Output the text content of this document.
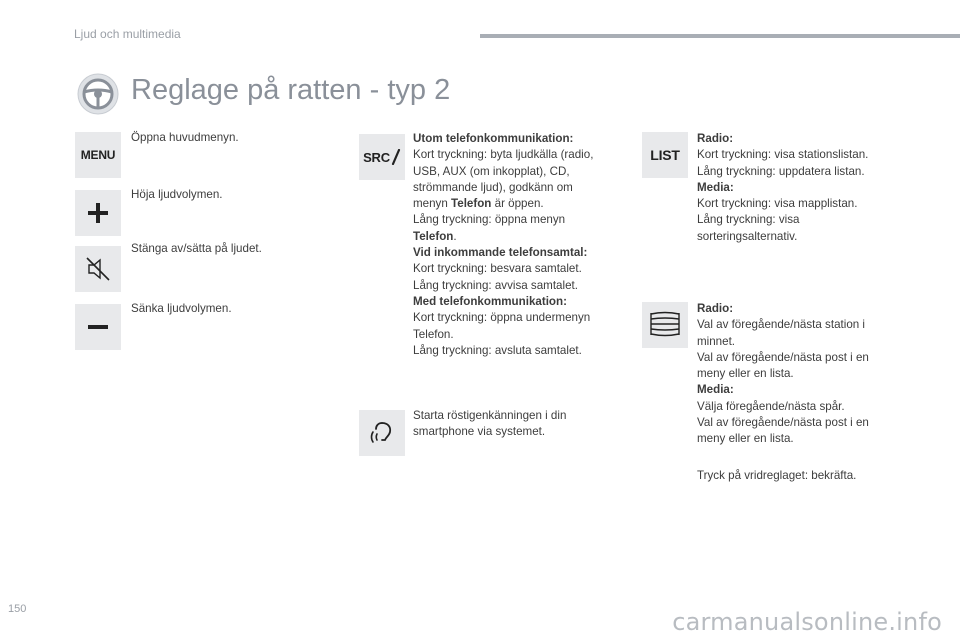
Ljud och multimedia
Reglage på ratten - typ 2
MENU
Öppna huvudmenyn.
Höja ljudvolymen.
Stänga av/sätta på ljudet.
Sänka ljudvolymen.
SRC
Utom telefonkommunikation:
Kort tryckning: byta ljudkälla (radio,
USB, AUX (om inkopplat), CD,
strömmande ljud), godkänn om
menyn Telefon är öppen.
Lång tryckning: öppna menyn
Telefon.
Vid inkommande telefonsamtal:
Kort tryckning: besvara samtalet.
Lång tryckning: avvisa samtalet.
Med telefonkommunikation:
Kort tryckning: öppna undermenyn
Telefon.
Lång tryckning: avsluta samtalet.
Starta röstigenkänningen i din
smartphone via systemet.
LIST
Radio:
Kort tryckning: visa stationslistan.
Lång tryckning: uppdatera listan.
Media:
Kort tryckning: visa mapplistan.
Lång tryckning: visa
sorteringsalternativ.
Radio:
Val av föregående/nästa station i
minnet.
Val av föregående/nästa post i en
meny eller en lista.
Media:
Välja föregående/nästa spår.
Val av föregående/nästa post i en
meny eller en lista.
Tryck på vridreglaget: bekräfta.
150	carmanualsonline.info
